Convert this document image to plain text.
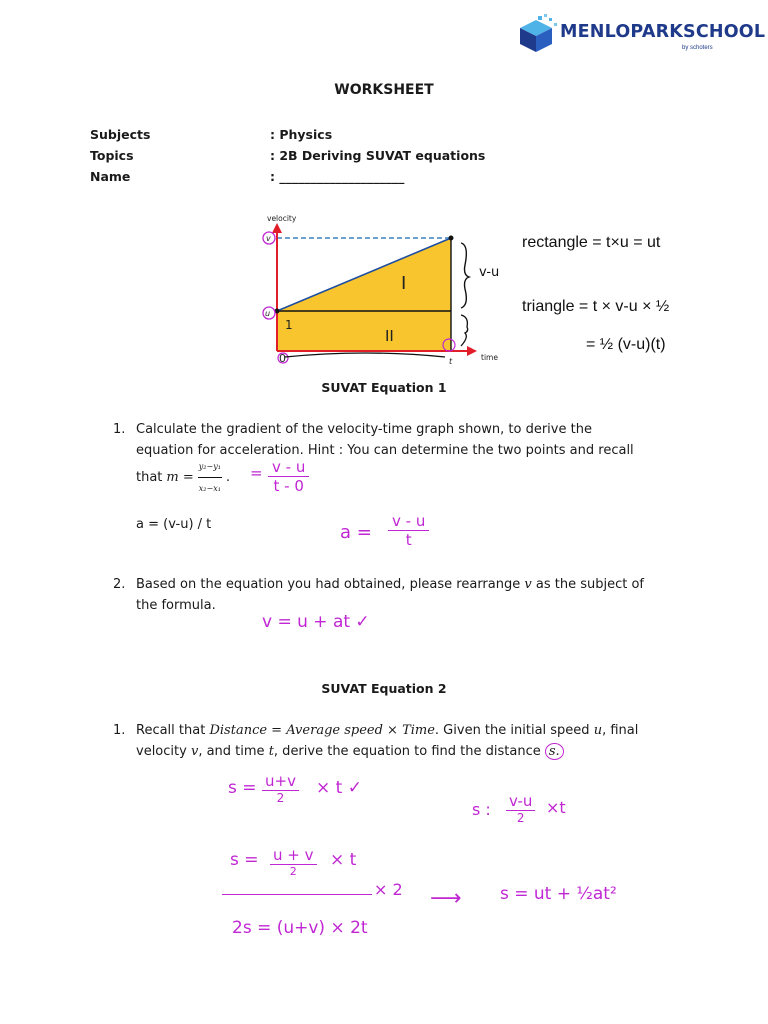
MENLOPARKSCHOOL
by schoters
WORKSHEET
Subjects	: Physics
Topics	: 2B Deriving SUVAT equations
Name	: ____________________
velocity
time
v
u
0	t
I
II
1
v-u
rectangle = t×u = ut
triangle = t × v-u × ½
= ½ (v-u)(t)
SUVAT Equation 1
1. Calculate the gradient of the velocity-time graph shown, to derive the
equation for acceleration. Hint : You can determine the two points and recall
that $m = \frac{\text{y₂−y₁}}{\text{x₂−x₁}}$ . = $\frac{v - u}{t - 0}$
a = (v-u) / t	$a = \frac{v - u}{t}$
2. Based on the equation you had obtained, please rearrange v as the subject of
the formula.
v = u + at ✓
SUVAT Equation 2
1. Recall that Distance = Average speed × Time. Given the initial speed u, final
velocity v, and time t, derive the equation to find the distance s.
s = u+v
2 × t ✓
s : v-u
2
×t
s = u + v
2
× t
× 2 ⟶ s = ut + ½at²
2s = (u+v) × 2t
